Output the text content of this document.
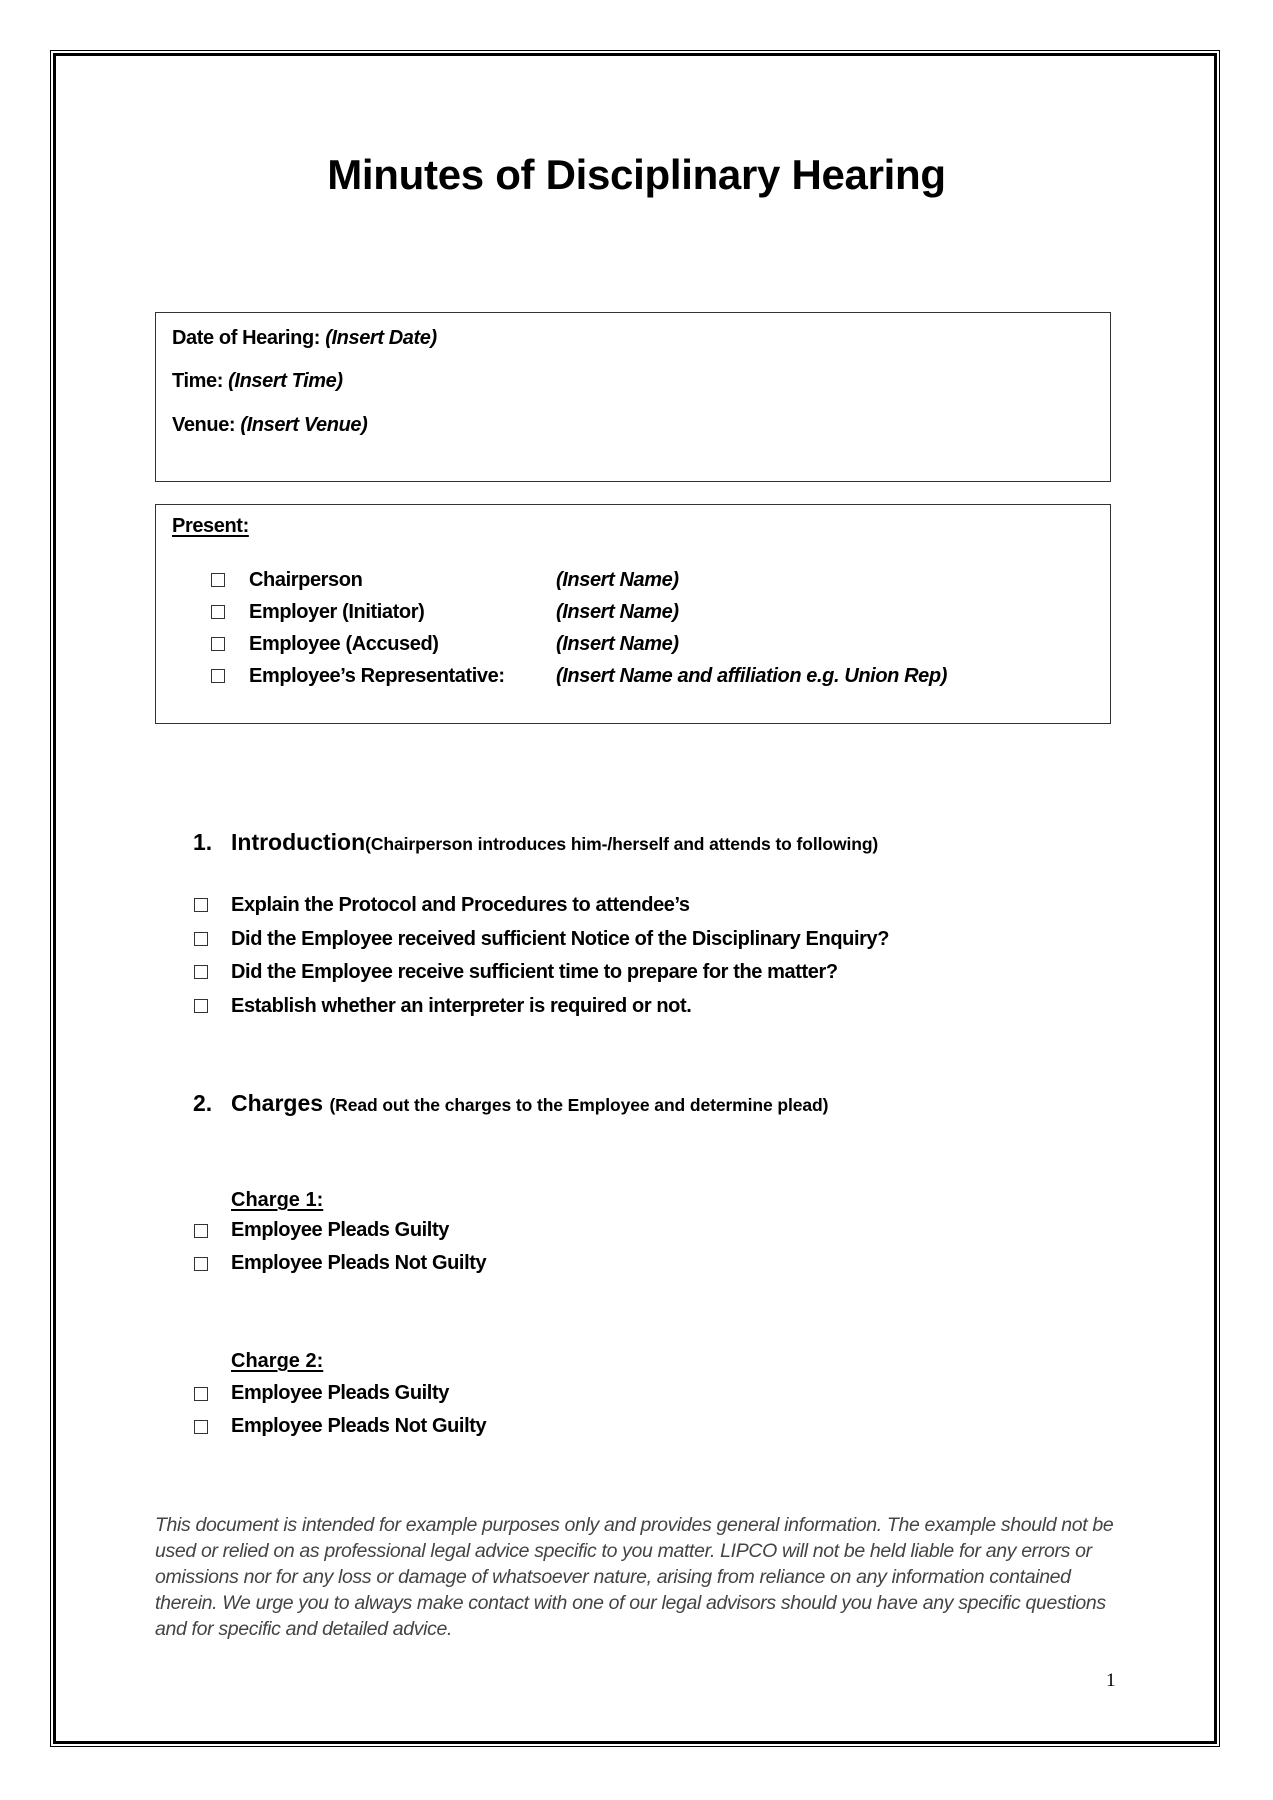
Minutes of Disciplinary Hearing
Date of Hearing: (Insert Date)
Time: (Insert Time)
Venue: (Insert Venue)
Present:
Chairperson	(Insert Name)
Employer (Initiator)	(Insert Name)
Employee (Accused)	(Insert Name)
Employee’s Representative:	(Insert Name and affiliation e.g. Union Rep)
1. Introduction(Chairperson introduces him-/herself and attends to following)
Explain the Protocol and Procedures to attendee’s
Did the Employee received sufficient Notice of the Disciplinary Enquiry?
Did the Employee receive sufficient time to prepare for the matter?
Establish whether an interpreter is required or not.
2. Charges (Read out the charges to the Employee and determine plead)
Charge 1:
Employee Pleads Guilty
Employee Pleads Not Guilty
Charge 2:
Employee Pleads Guilty
Employee Pleads Not Guilty
This document is intended for example purposes only and provides general information. The example should not be used or relied on as professional legal advice specific to you matter. LIPCO will not be held liable for any errors or omissions nor for any loss or damage of whatsoever nature, arising from reliance on any information contained therein. We urge you to always make contact with one of our legal advisors should you have any specific questions and for specific and detailed advice.
1
